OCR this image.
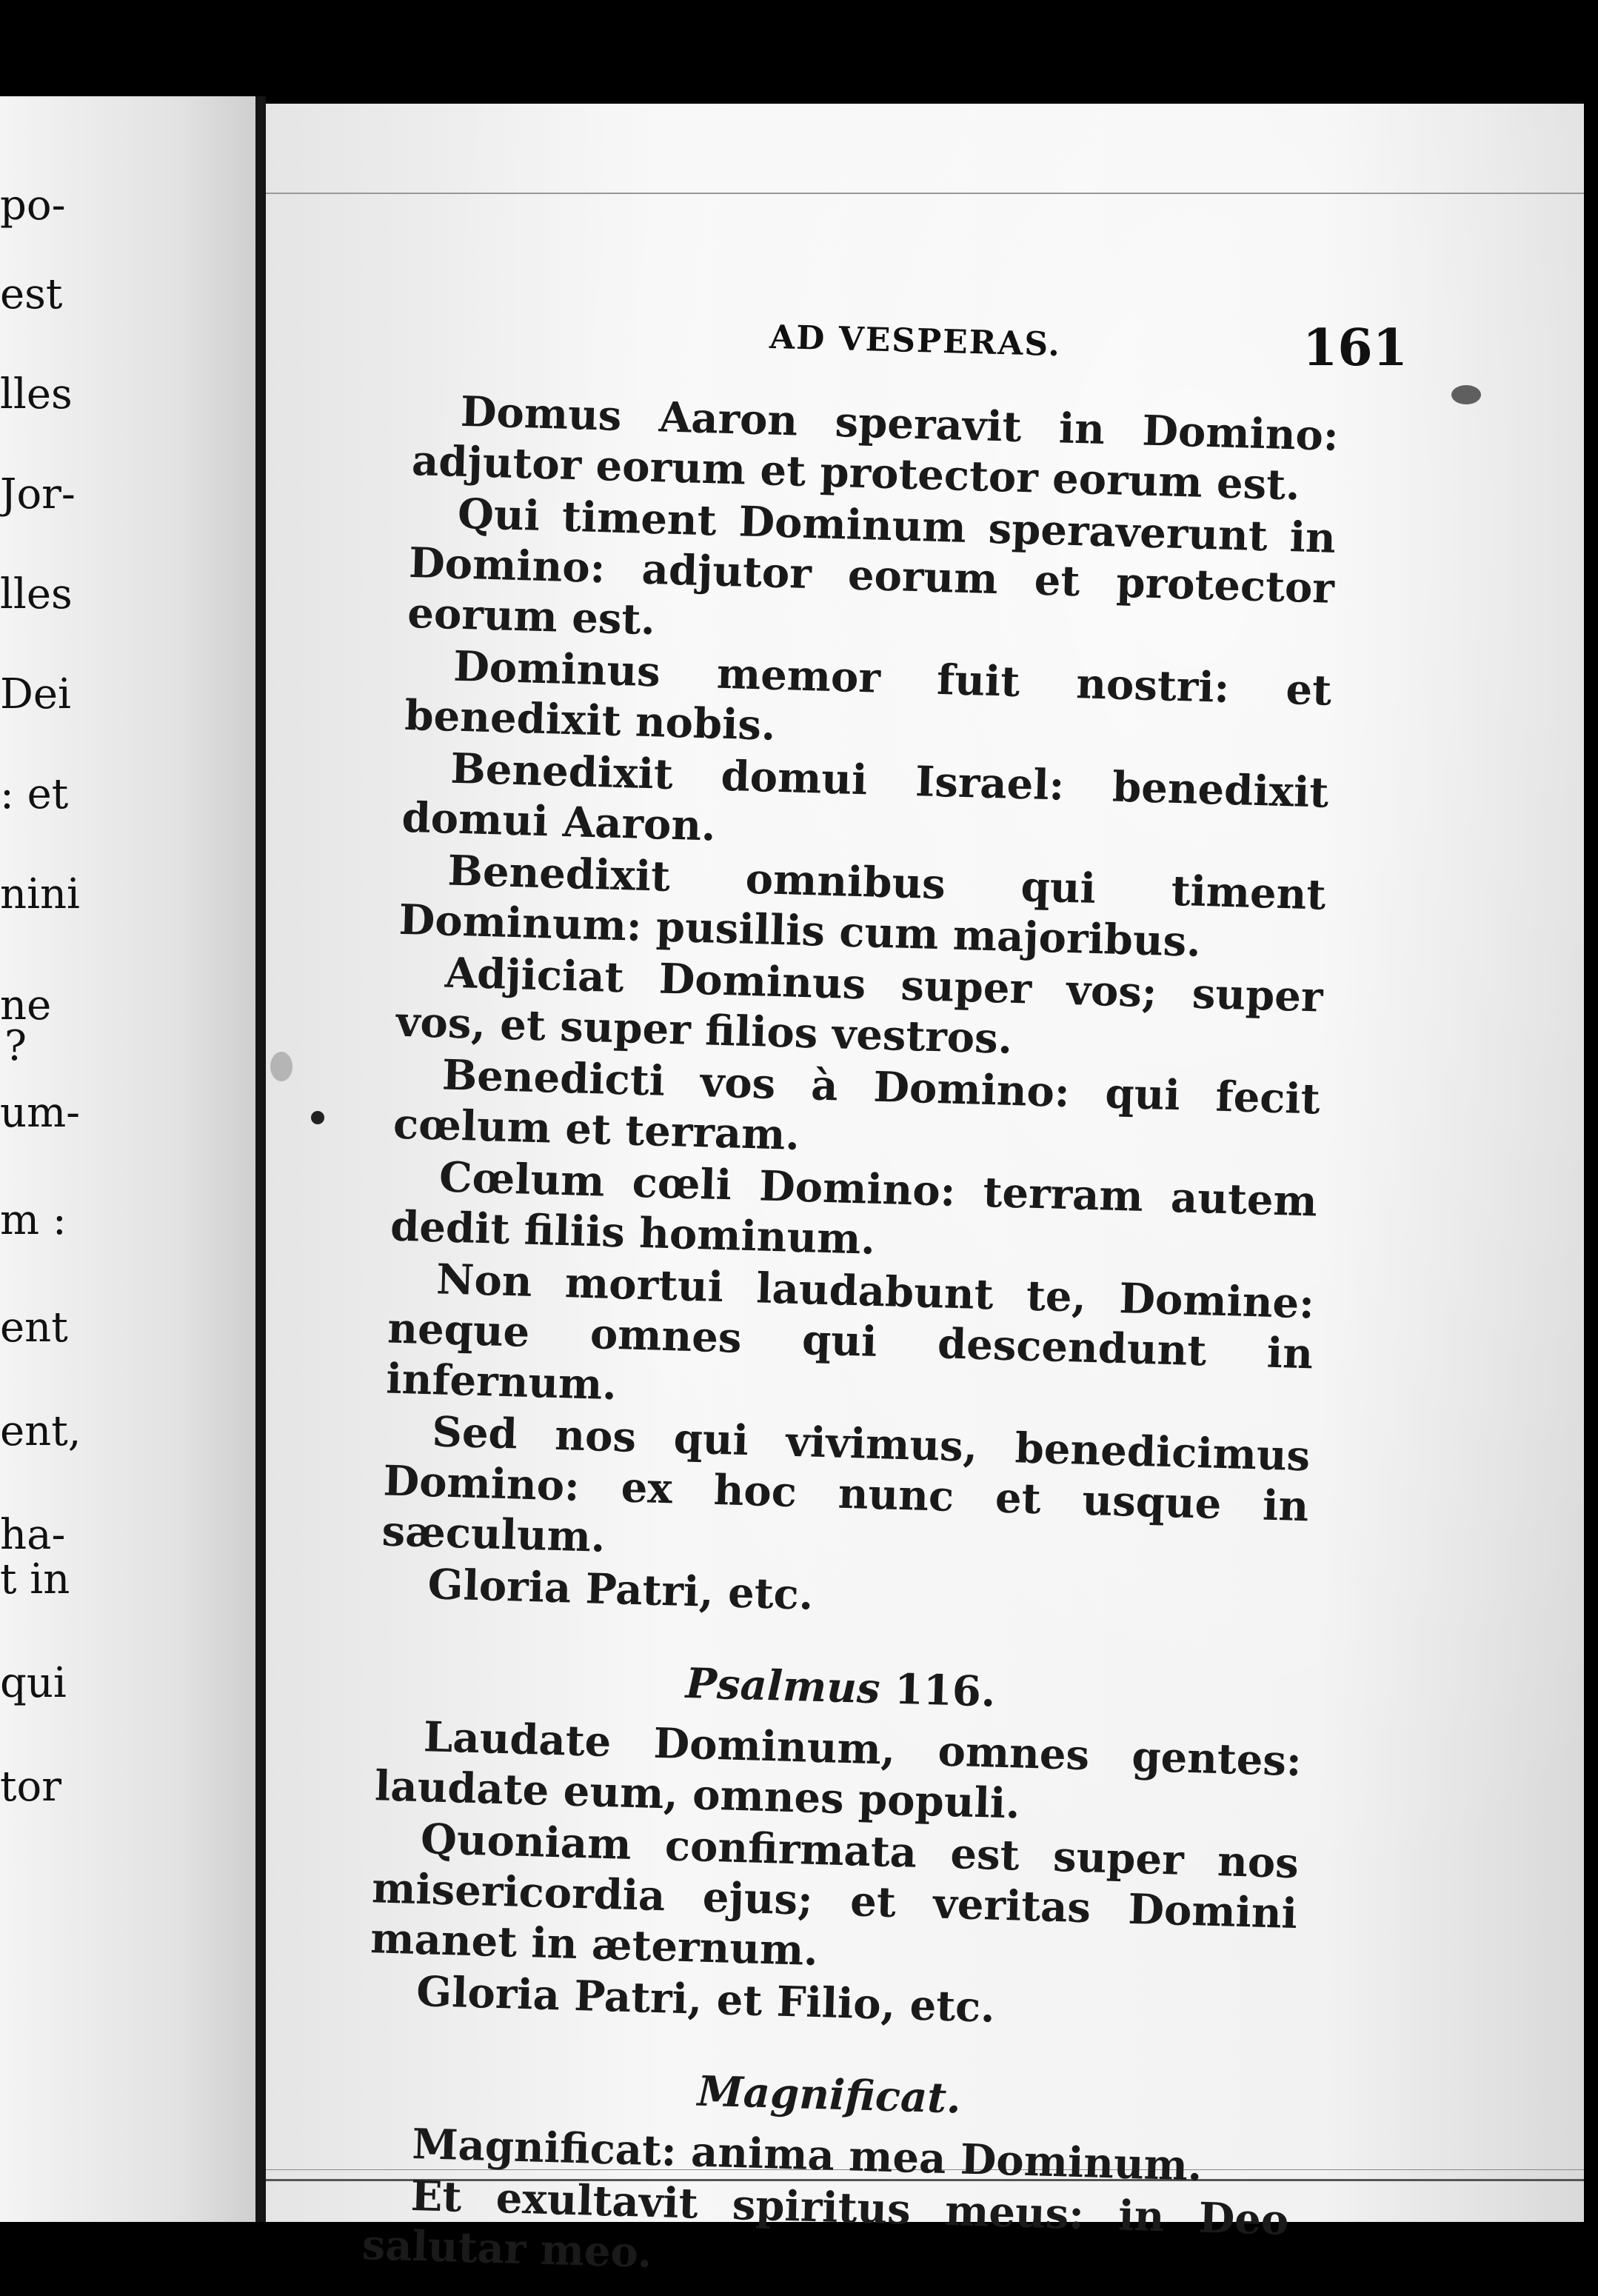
po-
est
lles
Jor-
lles
Dei
: et
nini
ne
?
um-
m :
ent
ent,
ha-
t in
qui
tor
AD VESPERAS.	161

Domus Aaron speravit in Domino: adjutor eorum et protector eorum est.

Qui timent Dominum speraverunt in Domino: adjutor eorum et protector eorum est.

Dominus memor fuit nostri: et benedixit nobis.

Benedixit domui Israel: benedixit domui Aaron.

Benedixit omnibus qui timent Dominum: pusillis cum majoribus.

Adjiciat Dominus super vos; super vos, et super filios vestros.

Benedicti vos à Domino: qui fecit cœlum et terram.

Cœlum cœli Domino: terram autem dedit filiis hominum.

Non mortui laudabunt te, Domine: neque omnes qui descendunt in infernum.

Sed nos qui vivimus, benedicimus Domino: ex hoc nunc et usque in sæculum.

Gloria Patri, etc.

Psalmus 116.

Laudate Dominum, omnes gentes: laudate eum, omnes populi.

Quoniam confirmata est super nos misericordia ejus; et veritas Domini manet in æternum.

Gloria Patri, et Filio, etc.

Magnificat.

Magnificat: anima mea Dominum.

Et exultavit spiritus meus: in Deo salutar meo.
